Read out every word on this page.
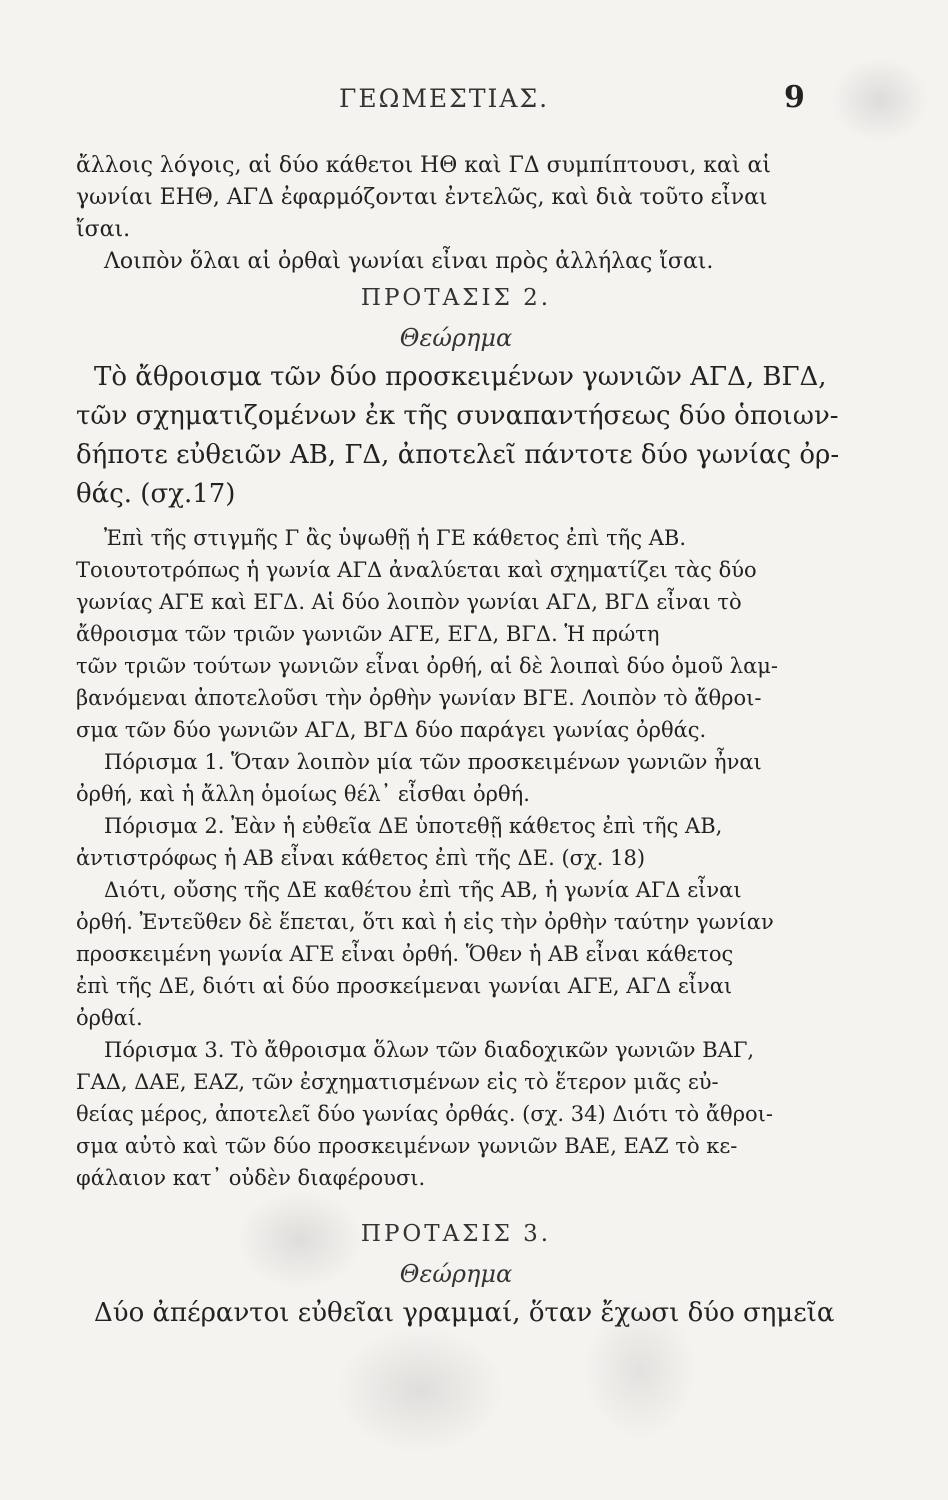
ΓΕΩΜΕΣΤΙΑΣ.	9
ἄλλοις λόγοις, αἱ δύο κάθετοι ΗΘ καὶ ΓΔ συμπίπτουσι, καὶ αἱ
γωνίαι ΕΗΘ, ΑΓΔ ἐφαρμόζονται ἐντελῶς, καὶ διὰ τοῦτο εἶναι
ἴσαι.
Λοιπὸν ὅλαι αἱ ὀρθαὶ γωνίαι εἶναι πρὸς ἀλλήλας ἴσαι.
ΠΡΟΤΑΣΙΣ 2.
Θεώρημα
Τὸ ἄθροισμα τῶν δύο προσκειμένων γωνιῶν ΑΓΔ, ΒΓΔ,
τῶν σχηματιζομένων ἐκ τῆς συναπαντήσεως δύο ὁποιων-
δήποτε εὐθειῶν ΑΒ, ΓΔ, ἀποτελεῖ πάντοτε δύο γωνίας ὀρ-
θάς. (σχ.17)
Ἐπὶ τῆς στιγμῆς Γ ἂς ὑψωθῇ ἡ ΓΕ κάθετος ἐπὶ τῆς ΑΒ.
Τοιουτοτρόπως ἡ γωνία ΑΓΔ ἀναλύεται καὶ σχηματίζει τὰς δύο
γωνίας ΑΓΕ καὶ ΕΓΔ. Αἱ δύο λοιπὸν γωνίαι ΑΓΔ, ΒΓΔ εἶναι τὸ
ἄθροισμα τῶν τριῶν γωνιῶν ΑΓΕ, ΕΓΔ, ΒΓΔ. Ἡ πρώτη
τῶν τριῶν τούτων γωνιῶν εἶναι ὀρθή, αἱ δὲ λοιπαὶ δύο ὁμοῦ λαμ-
βανόμεναι ἀποτελοῦσι τὴν ὀρθὴν γωνίαν ΒΓΕ. Λοιπὸν τὸ ἄθροι-
σμα τῶν δύο γωνιῶν ΑΓΔ, ΒΓΔ δύο παράγει γωνίας ὀρθάς.
Πόρισμα 1. Ὅταν λοιπὸν μία τῶν προσκειμένων γωνιῶν ἦναι
ὀρθή, καὶ ἡ ἄλλη ὁμοίως θέλ᾽ εἶσθαι ὀρθή.
Πόρισμα 2. Ἐὰν ἡ εὐθεῖα ΔΕ ὑποτεθῇ κάθετος ἐπὶ τῆς ΑΒ,
ἀντιστρόφως ἡ ΑΒ εἶναι κάθετος ἐπὶ τῆς ΔΕ. (σχ. 18)
Διότι, οὔσης τῆς ΔΕ καθέτου ἐπὶ τῆς ΑΒ, ἡ γωνία ΑΓΔ εἶναι
ὀρθή. Ἐντεῦθεν δὲ ἕπεται, ὅτι καὶ ἡ εἰς τὴν ὀρθὴν ταύτην γωνίαν
προσκειμένη γωνία ΑΓΕ εἶναι ὀρθή. Ὅθεν ἡ ΑΒ εἶναι κάθετος
ἐπὶ τῆς ΔΕ, διότι αἱ δύο προσκείμεναι γωνίαι ΑΓΕ, ΑΓΔ εἶναι
ὀρθαί.
Πόρισμα 3. Τὸ ἄθροισμα ὅλων τῶν διαδοχικῶν γωνιῶν ΒΑΓ,
ΓΑΔ, ΔΑΕ, ΕΑΖ, τῶν ἐσχηματισμένων εἰς τὸ ἕτερον μιᾶς εὐ-
θείας μέρος, ἀποτελεῖ δύο γωνίας ὀρθάς. (σχ. 34) Διότι τὸ ἄθροι-
σμα αὐτὸ καὶ τῶν δύο προσκειμένων γωνιῶν ΒΑΕ, ΕΑΖ τὸ κε-
φάλαιον κατ᾽ οὐδὲν διαφέρουσι.
ΠΡΟΤΑΣΙΣ 3.
Θεώρημα
Δύο ἀπέραντοι εὐθεῖαι γραμμαί, ὅταν ἔχωσι δύο σημεῖα
